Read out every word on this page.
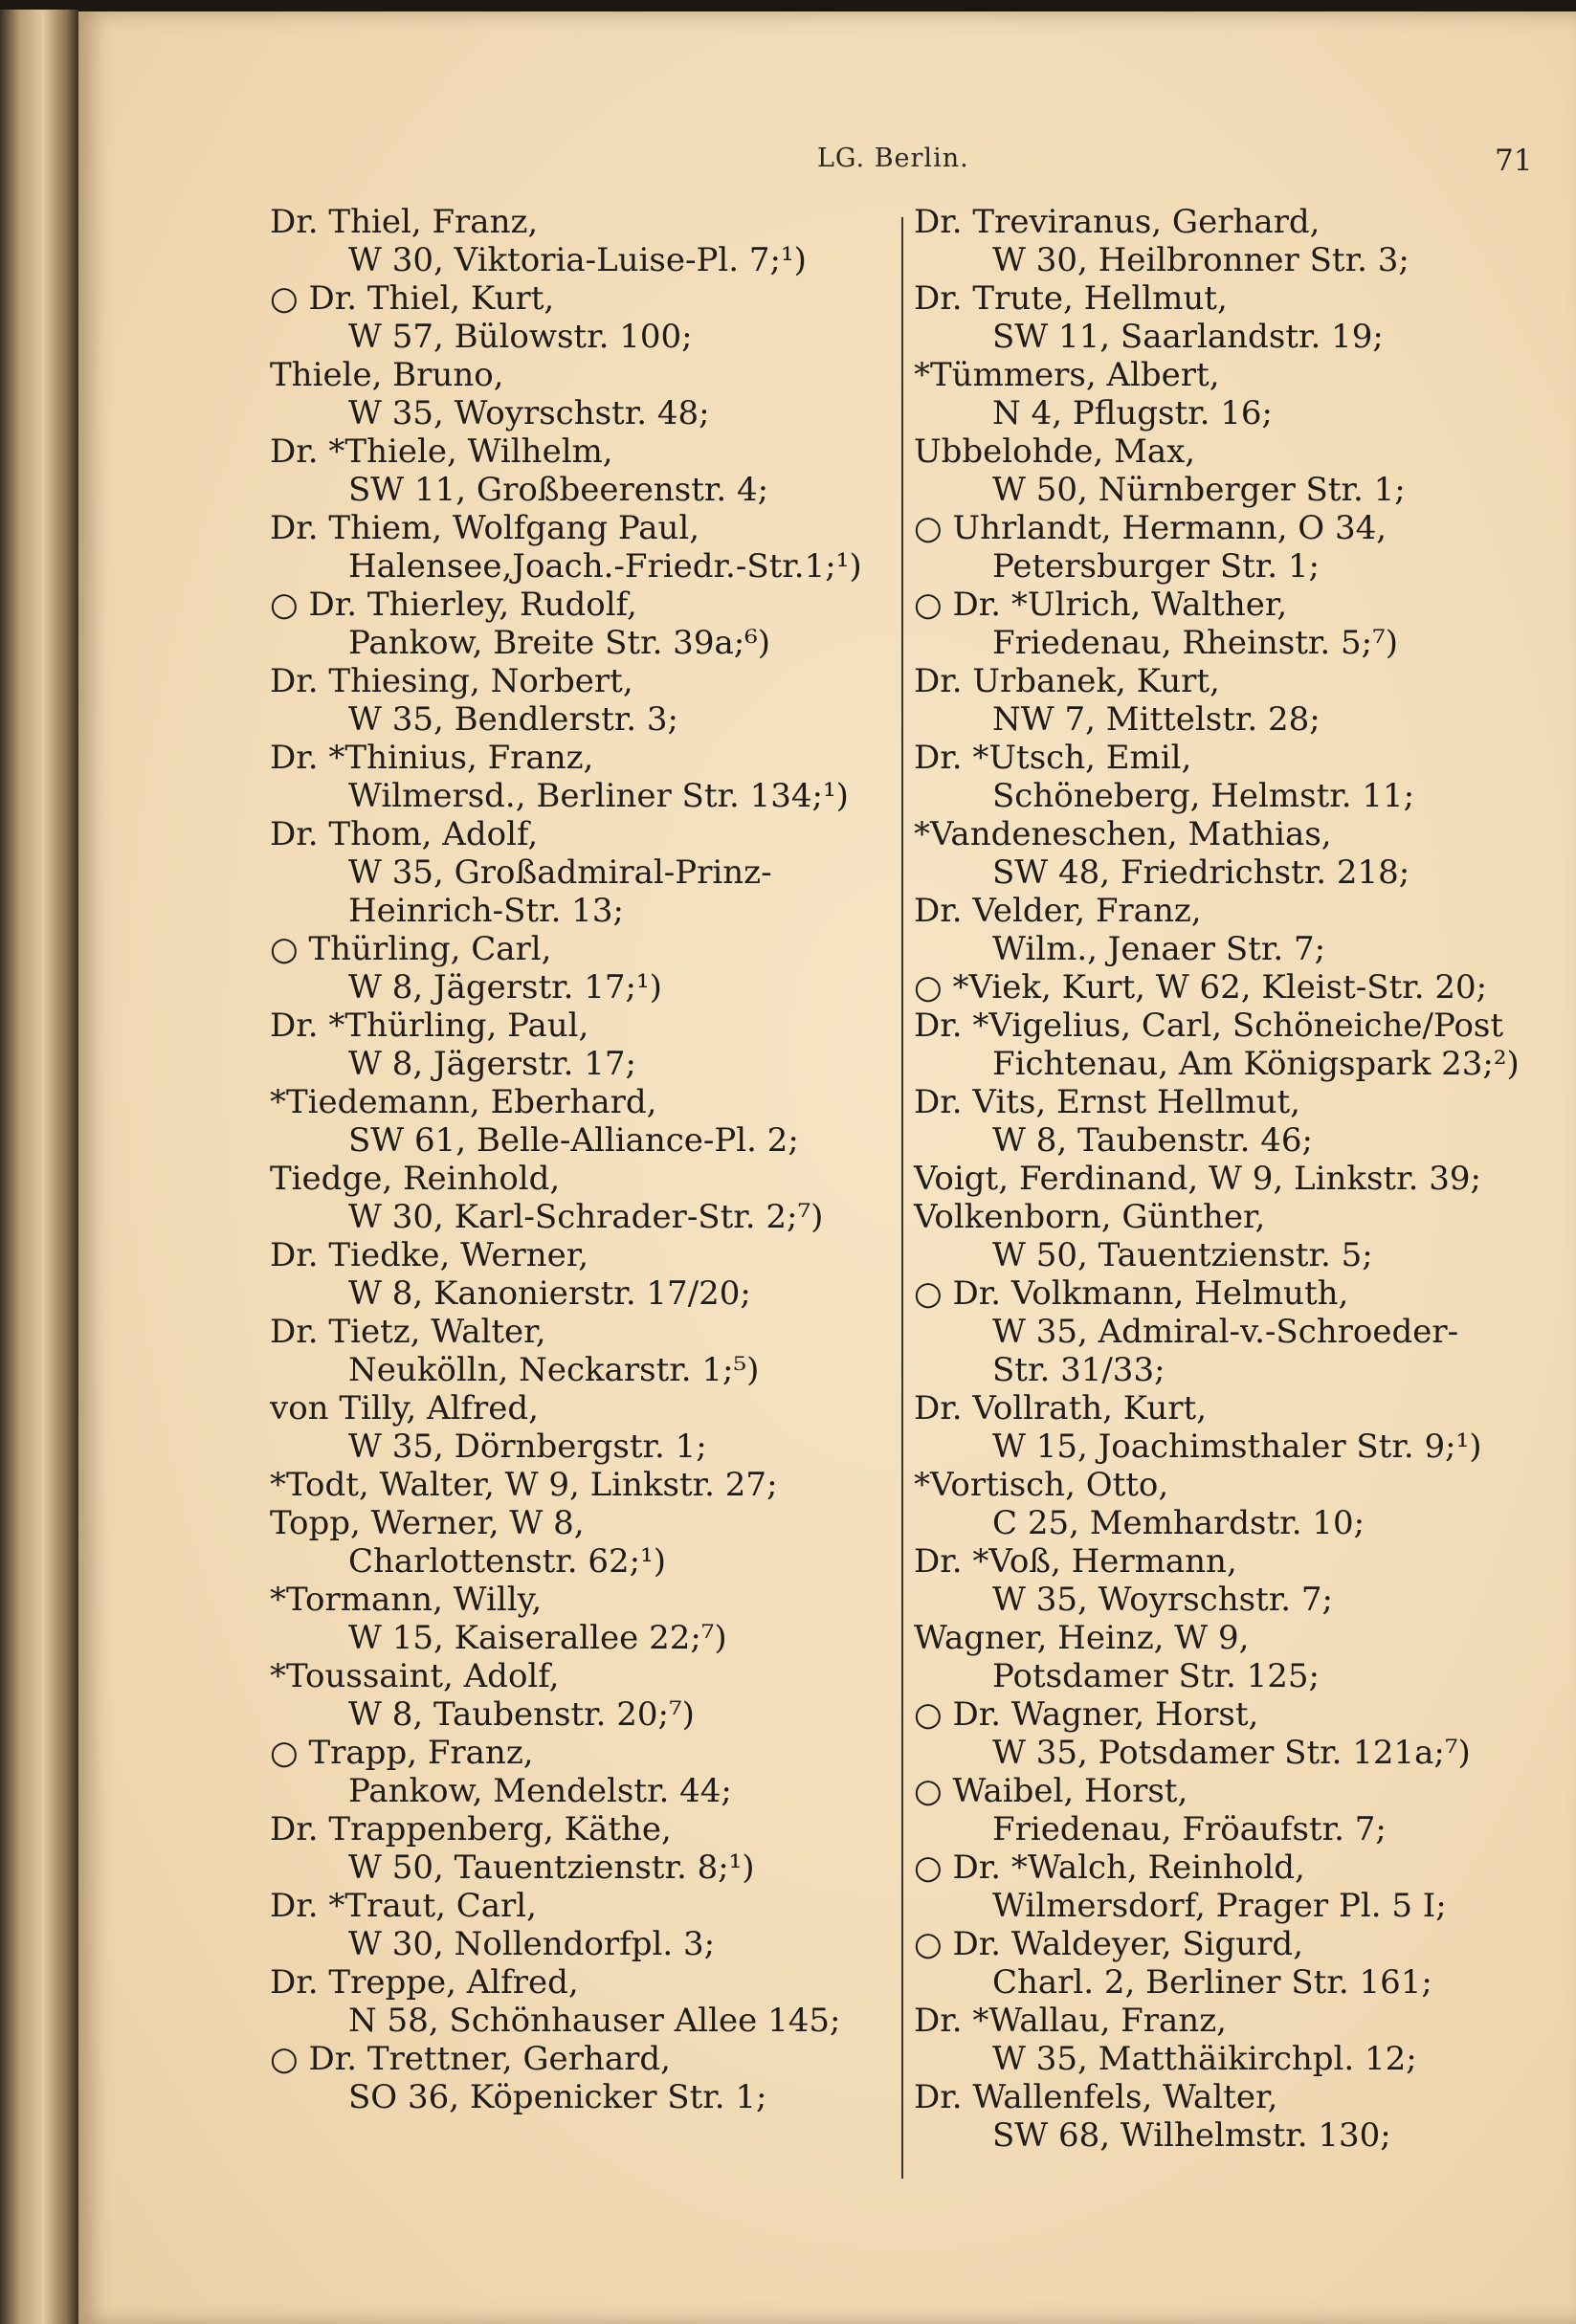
LG. Berlin.	71
Dr. Thiel, Franz,
W 30, Viktoria-Luise-Pl. 7;¹)
○ Dr. Thiel, Kurt,
W 57, Bülowstr. 100;
Thiele, Bruno,
W 35, Woyrschstr. 48;
Dr. *Thiele, Wilhelm,
SW 11, Großbeerenstr. 4;
Dr. Thiem, Wolfgang Paul,
Halensee,Joach.-Friedr.-Str.1;¹)
○ Dr. Thierley, Rudolf,
Pankow, Breite Str. 39a;⁶)
Dr. Thiesing, Norbert,
W 35, Bendlerstr. 3;
Dr. *Thinius, Franz,
Wilmersd., Berliner Str. 134;¹)
Dr. Thom, Adolf,
W 35, Großadmiral-Prinz-
Heinrich-Str. 13;
○ Thürling, Carl,
W 8, Jägerstr. 17;¹)
Dr. *Thürling, Paul,
W 8, Jägerstr. 17;
*Tiedemann, Eberhard,
SW 61, Belle-Alliance-Pl. 2;
Tiedge, Reinhold,
W 30, Karl-Schrader-Str. 2;⁷)
Dr. Tiedke, Werner,
W 8, Kanonierstr. 17/20;
Dr. Tietz, Walter,
Neukölln, Neckarstr. 1;⁵)
von Tilly, Alfred,
W 35, Dörnbergstr. 1;
*Todt, Walter, W 9, Linkstr. 27;
Topp, Werner, W 8,
Charlottenstr. 62;¹)
*Tormann, Willy,
W 15, Kaiserallee 22;⁷)
*Toussaint, Adolf,
W 8, Taubenstr. 20;⁷)
○ Trapp, Franz,
Pankow, Mendelstr. 44;
Dr. Trappenberg, Käthe,
W 50, Tauentzienstr. 8;¹)
Dr. *Traut, Carl,
W 30, Nollendorfpl. 3;
Dr. Treppe, Alfred,
N 58, Schönhauser Allee 145;
○ Dr. Trettner, Gerhard,
SO 36, Köpenicker Str. 1;
Dr. Treviranus, Gerhard,
W 30, Heilbronner Str. 3;
Dr. Trute, Hellmut,
SW 11, Saarlandstr. 19;
*Tümmers, Albert,
N 4, Pflugstr. 16;
Ubbelohde, Max,
W 50, Nürnberger Str. 1;
○ Uhrlandt, Hermann, O 34,
Petersburger Str. 1;
○ Dr. *Ulrich, Walther,
Friedenau, Rheinstr. 5;⁷)
Dr. Urbanek, Kurt,
NW 7, Mittelstr. 28;
Dr. *Utsch, Emil,
Schöneberg, Helmstr. 11;
*Vandeneschen, Mathias,
SW 48, Friedrichstr. 218;
Dr. Velder, Franz,
Wilm., Jenaer Str. 7;
○ *Viek, Kurt, W 62, Kleist-Str. 20;
Dr. *Vigelius, Carl, Schöneiche/Post
Fichtenau, Am Königspark 23;²)
Dr. Vits, Ernst Hellmut,
W 8, Taubenstr. 46;
Voigt, Ferdinand, W 9, Linkstr. 39;
Volkenborn, Günther,
W 50, Tauentzienstr. 5;
○ Dr. Volkmann, Helmuth,
W 35, Admiral-v.-Schroeder-
Str. 31/33;
Dr. Vollrath, Kurt,
W 15, Joachimsthaler Str. 9;¹)
*Vortisch, Otto,
C 25, Memhardstr. 10;
Dr. *Voß, Hermann,
W 35, Woyrschstr. 7;
Wagner, Heinz, W 9,
Potsdamer Str. 125;
○ Dr. Wagner, Horst,
W 35, Potsdamer Str. 121a;⁷)
○ Waibel, Horst,
Friedenau, Fröaufstr. 7;
○ Dr. *Walch, Reinhold,
Wilmersdorf, Prager Pl. 5 I;
○ Dr. Waldeyer, Sigurd,
Charl. 2, Berliner Str. 161;
Dr. *Wallau, Franz,
W 35, Matthäikirchpl. 12;
Dr. Wallenfels, Walter,
SW 68, Wilhelmstr. 130;
